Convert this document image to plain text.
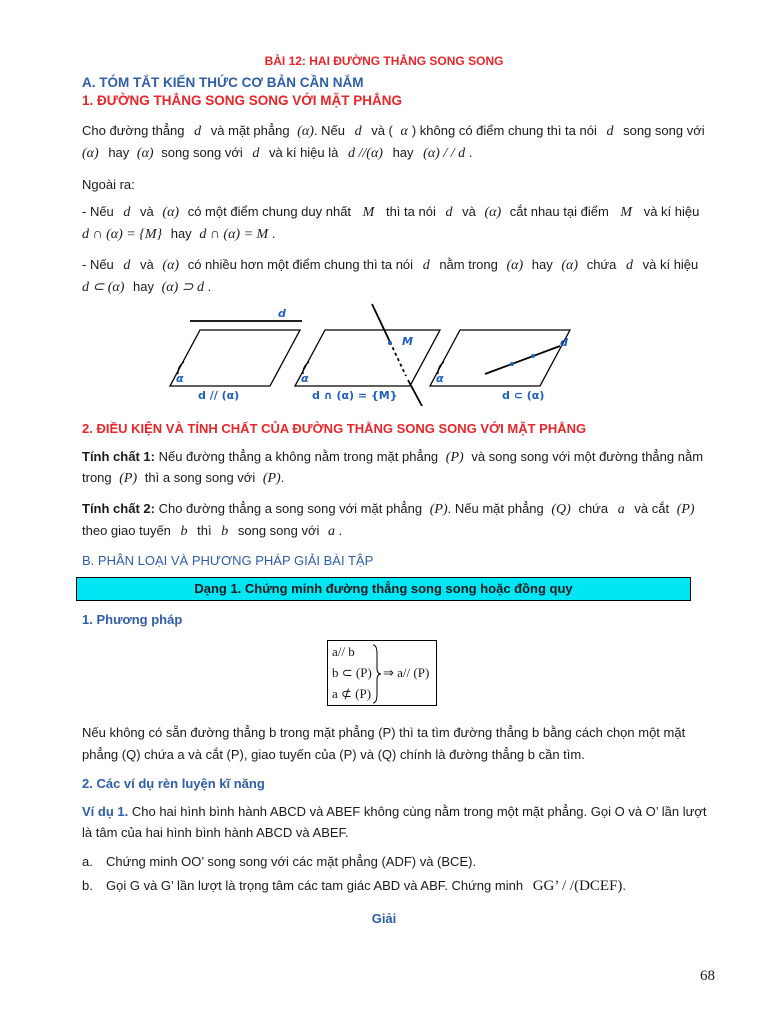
BÀI 12: HAI ĐƯỜNG THẲNG SONG SONG
A. TÓM TẮT KIẾN THỨC CƠ BẢN CẦN NẮM
1. ĐƯỜNG THẲNG SONG SONG VỚI MẶT PHẲNG
Cho đường thẳng d và mặt phẳng (α). Nếu d và ( α ) không có điểm chung thì ta nói d song song với
(α) hay (α) song song với d và kí hiệu là d //(α) hay (α) / / d .
Ngoài ra:
- Nếu d và (α) có một điểm chung duy nhất M thì ta nói d và (α) cắt nhau tại điểm M và kí hiệu
d ∩ (α) = {M} hay d ∩ (α) = M .
- Nếu d và (α) có nhiều hơn một điểm chung thì ta nói d nằm trong (α) hay (α) chứa d và kí hiệu
d ⊂ (α) hay (α) ⊃ d .
d
α
M
α
d
α
d // (α)	d ∩ (α) = {M}	d ⊂ (α)
2. ĐIỀU KIỆN VÀ TÍNH CHẤT CỦA ĐƯỜNG THẲNG SONG SONG VỚI MẶT PHẲNG
Tính chất 1: Nếu đường thẳng a không nằm trong mặt phẳng (P) và song song với một đường thẳng nằm
trong (P) thì a song song với (P).
Tính chất 2: Cho đường thẳng a song song với mặt phẳng (P). Nếu mặt phẳng (Q) chứa a và cắt (P)
theo giao tuyến b thì b song song với a .
B. PHÂN LOẠI VÀ PHƯƠNG PHÁP GIẢI BÀI TẬP
Dạng 1. Chứng minh đường thẳng song song hoặc đồng quy
1. Phương pháp
a// b
b ⊂ (P)
a ⊄ (P)
⇒ a// (P)
Nếu không có sẵn đường thẳng b trong mặt phẳng (P) thì ta tìm đường thẳng b bằng cách chọn một mặt
phẳng (Q) chứa a và cắt (P), giao tuyến của (P) và (Q) chính là đường thẳng b cần tìm.
2. Các ví dụ rèn luyện kĩ năng
Ví dụ 1. Cho hai hình bình hành ABCD và ABEF không cùng nằm trong một mặt phẳng. Gọi O và O’ lần lượt
là tâm của hai hình bình hành ABCD và ABEF.
a. Chứng minh OO’ song song với các mặt phẳng (ADF) và (BCE).
b. Gọi G và G’ lần lượt là trọng tâm các tam giác ABD và ABF. Chứng minh GG’ / /(DCEF).
Giải
68
